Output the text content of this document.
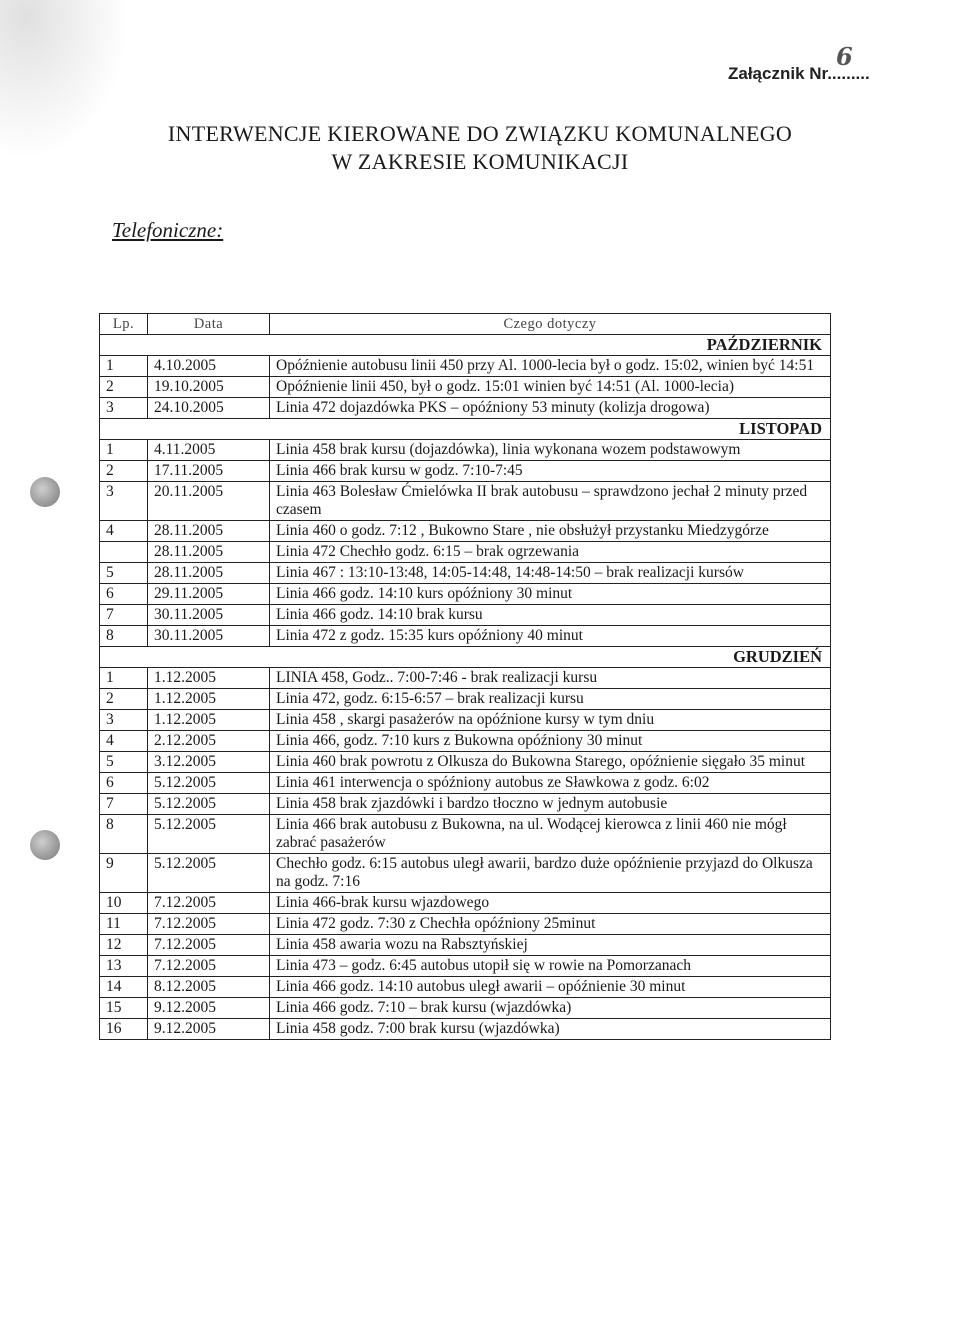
Załącznik Nr.........
6
INTERWENCJE KIEROWANE DO ZWIĄZKU KOMUNALNEGO
W ZAKRESIE KOMUNIKACJI
Telefoniczne:
Lp.	Data	Czego dotyczy
PAŹDZIERNIK		
1	4.10.2005	Opóźnienie autobusu linii 450 przy Al. 1000-lecia był o godz. 15:02, winien być 14:51
2	19.10.2005	Opóźnienie linii 450, był o godz. 15:01 winien być 14:51 (Al. 1000-lecia)
3	24.10.2005	Linia 472 dojazdówka PKS – opóźniony 53 minuty (kolizja drogowa)
LISTOPAD		
1	4.11.2005	Linia 458 brak kursu (dojazdówka), linia wykonana wozem podstawowym
2	17.11.2005	Linia 466 brak kursu w godz. 7:10-7:45
3	20.11.2005	Linia 463 Bolesław Ćmielówka II brak autobusu – sprawdzono jechał 2 minuty przed czasem
4	28.11.2005	Linia 460 o godz. 7:12 , Bukowno Stare , nie obsłużył przystanku Miedzygórze
	28.11.2005	Linia 472 Chechło godz. 6:15 – brak ogrzewania
5	28.11.2005	Linia 467 : 13:10-13:48, 14:05-14:48, 14:48-14:50 – brak realizacji kursów
6	29.11.2005	Linia 466 godz. 14:10 kurs opóźniony 30 minut
7	30.11.2005	Linia 466 godz. 14:10 brak kursu
8	30.11.2005	Linia 472 z godz. 15:35 kurs opóźniony 40 minut
GRUDZIEŃ		
1	1.12.2005	LINIA 458, Godz.. 7:00-7:46 - brak realizacji kursu
2	1.12.2005	Linia 472, godz. 6:15-6:57 – brak realizacji kursu
3	1.12.2005	Linia 458 , skargi pasażerów na opóźnione kursy w tym dniu
4	2.12.2005	Linia 466, godz. 7:10 kurs z Bukowna opóźniony 30 minut
5	3.12.2005	Linia 460 brak powrotu z Olkusza do Bukowna Starego, opóźnienie sięgało 35 minut
6	5.12.2005	Linia 461 interwencja o spóźniony autobus ze Sławkowa z godz. 6:02
7	5.12.2005	Linia 458 brak zjazdówki i bardzo tłoczno w jednym autobusie
8	5.12.2005	Linia 466 brak autobusu z Bukowna, na ul. Wodącej kierowca z linii 460 nie mógł zabrać pasażerów
9	5.12.2005	Chechło godz. 6:15 autobus uległ awarii, bardzo duże opóźnienie przyjazd do Olkusza na godz. 7:16
10	7.12.2005	Linia 466-brak kursu wjazdowego
11	7.12.2005	Linia 472 godz. 7:30 z Chechła opóźniony 25minut
12	7.12.2005	Linia 458 awaria wozu na Rabsztyńskiej
13	7.12.2005	Linia 473 – godz. 6:45 autobus utopił się w rowie na Pomorzanach
14	8.12.2005	Linia 466 godz. 14:10 autobus uległ awarii – opóźnienie 30 minut
15	9.12.2005	Linia 466 godz. 7:10 – brak kursu (wjazdówka)
16	9.12.2005	Linia 458 godz. 7:00 brak kursu (wjazdówka)
